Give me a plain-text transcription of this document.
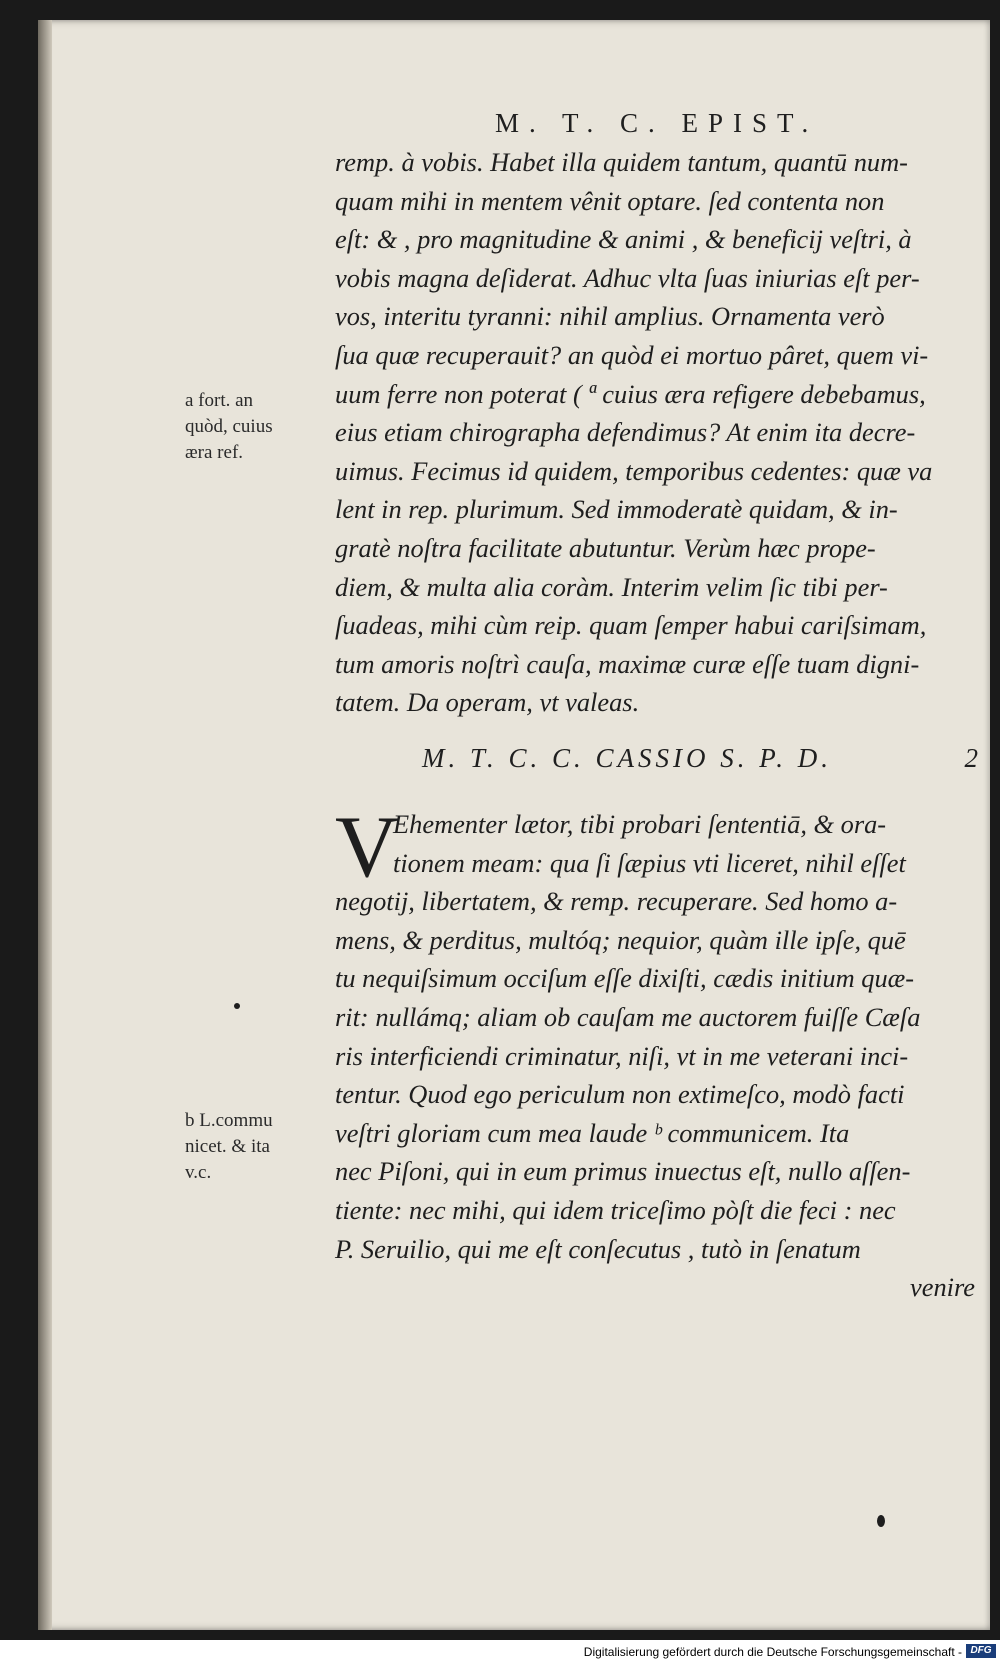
M. T. C. EPIST.
remp. à vobis. Habet illa quidem tantum, quantū num-
quam mihi in mentem vênit optare. ſed contenta non
eſt: & , pro magnitudine & animi , & beneficij veſtri, à
vobis magna deſiderat. Adhuc vlta ſuas iniurias eſt per-
vos, interitu tyranni: nihil amplius. Ornamenta verò
ſua quæ recuperauit? an quòd ei mortuo pâret, quem vi-
uum ferre non poterat ( ª cuius æra refigere debebamus,
eius etiam chirographa defendimus? At enim ita decre-
uimus. Fecimus id quidem, temporibus cedentes: quæ va
lent in rep. plurimum. Sed immoderatè quidam, & in-
gratè noſtra facilitate abutuntur. Verùm hæc prope-
diem, & multa alia coràm. Interim velim ſic tibi per-
ſuadeas, mihi cùm reip. quam ſemper habui cariſsimam,
tum amoris noſtrì cauſa, maximæ curæ eſſe tuam digni-
tatem. Da operam, vt valeas.
M. T. C. C. CASSIO S. P. D.	2
V
Ehementer lætor, tibi probari ſententiā, & ora-
tionem meam: qua ſi ſæpius vti liceret, nihil eſſet
negotij, libertatem, & remp. recuperare. Sed homo a-
mens, & perditus, multóq; nequior, quàm ille ipſe, quē
tu nequiſsimum occiſum eſſe dixiſti, cædis initium quæ-
rit: nullámq; aliam ob cauſam me auctorem fuiſſe Cæſa
ris interficiendi criminatur, niſi, vt in me veterani inci-
tentur. Quod ego periculum non extimeſco, modò facti
veſtri gloriam cum mea laude ᵇ communicem. Ita
nec Piſoni, qui in eum primus inuectus eſt, nullo aſſen-
tiente: nec mihi, qui idem triceſimo pòſt die feci : nec
P. Seruilio, qui me eſt conſecutus , tutò in ſenatum
venire
a fort. an
quòd, cuius
æra ref.
b L.commu
nicet. & ita
v.c.
Digitalisierung gefördert durch die Deutsche Forschungsgemeinschaft - DFG
